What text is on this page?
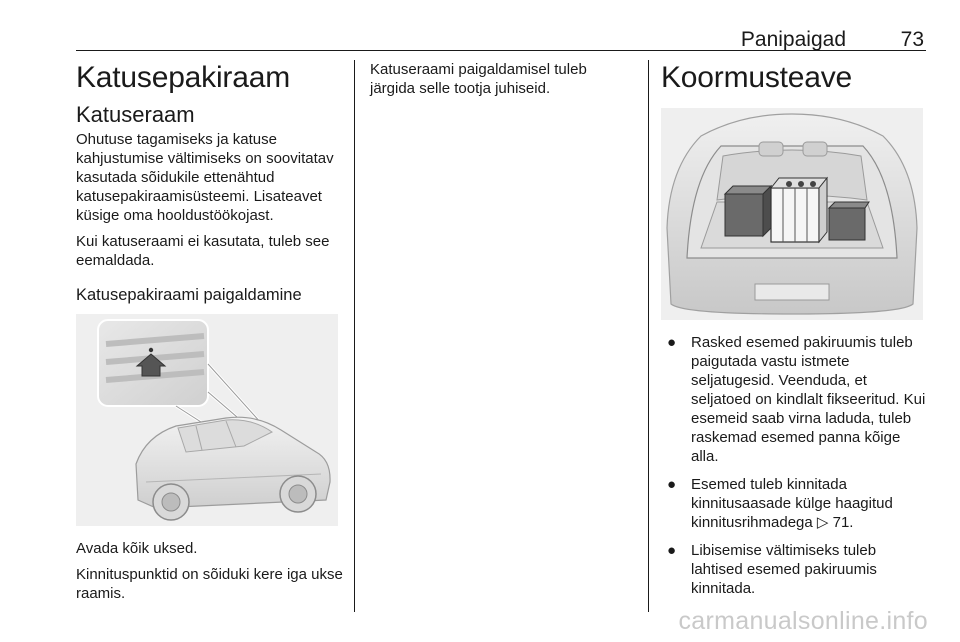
Panipaigad	73
Katusepakiraam
Katuseraam

Ohutuse tagamiseks ja katuse kahjustumise vältimiseks on soovitatav kasutada sõidukile ettenähtud katusepakiraamisüsteemi. Lisateavet küsige oma hooldustöökojast.

Kui katuseraami ei kasutata, tuleb see eemaldada.

Katusepakiraami paigaldamine

Avada kõik uksed.

Kinnituspunktid on sõiduki kere iga ukse raamis.

Katuseraami paigaldamisel tuleb järgida selle tootja juhiseid.	Koormusteave
● Rasked esemed pakiruumis tuleb paigutada vastu istmete seljatugesid. Veenduda, et seljatoed on kindlalt fikseeritud. Kui esemeid saab virna laduda, tuleb raskemad esemed panna kõige alla.
● Esemed tuleb kinnitada kinnitusaasade külge haagitud kinnitusrihmadega ▷ 71.
● Libisemise vältimiseks tuleb lahtised esemed pakiruumis kinnitada.
carmanualsonline.info
